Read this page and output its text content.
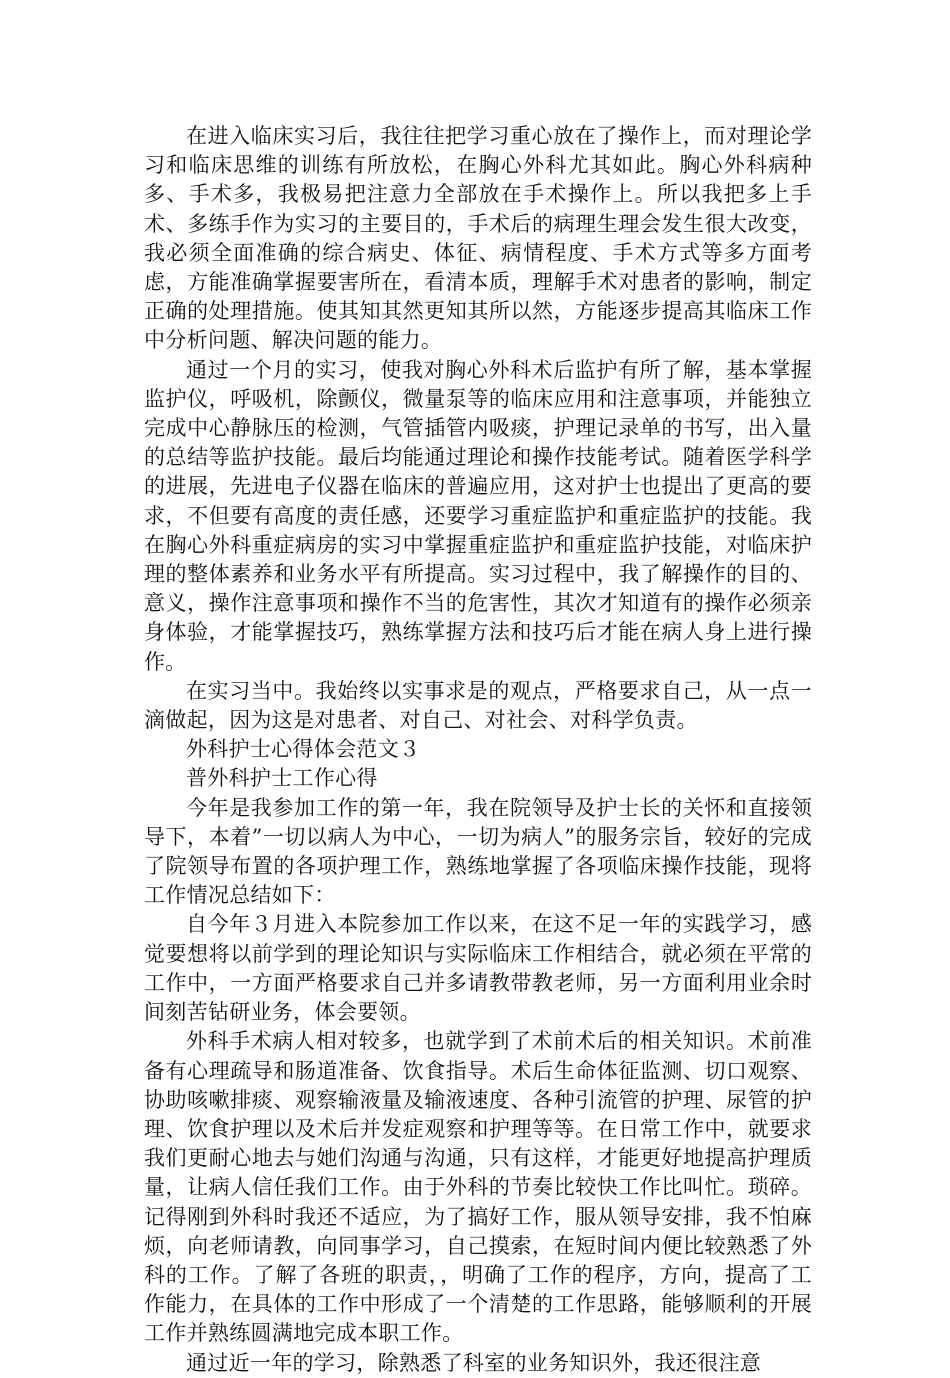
在进入临床实习后，我往往把学习重心放在了操作上，而对理论学习和临床思维的训练有所放松，在胸心外科尤其如此。胸心外科病种多、手术多，我极易把注意力全部放在手术操作上。所以我把多上手术、多练手作为实习的主要目的，手术后的病理生理会发生很大改变，我必须全面准确的综合病史、体征、病情程度、手术方式等多方面考虑，方能准确掌握要害所在，看清本质，理解手术对患者的影响，制定正确的处理措施。使其知其然更知其所以然，方能逐步提高其临床工作中分析问题、解决问题的能力。

通过一个月的实习，使我对胸心外科术后监护有所了解，基本掌握监护仪，呼吸机，除颤仪，微量泵等的临床应用和注意事项，并能独立完成中心静脉压的检测，气管插管内吸痰，护理记录单的书写，出入量的总结等监护技能。最后均能通过理论和操作技能考试。随着医学科学的进展，先进电子仪器在临床的普遍应用，这对护士也提出了更高的要求，不但要有高度的责任感，还要学习重症监护和重症监护的技能。我在胸心外科重症病房的实习中掌握重症监护和重症监护技能，对临床护理的整体素养和业务水平有所提高。实习过程中，我了解操作的目的、意义，操作注意事项和操作不当的危害性，其次才知道有的操作必须亲身体验，才能掌握技巧，熟练掌握方法和技巧后才能在病人身上进行操作。

在实习当中。我始终以实事求是的观点，严格要求自己，从一点一滴做起，因为这是对患者、对自己、对社会、对科学负责。

外科护士心得体会范文３

普外科护士工作心得

今年是我参加工作的第一年，我在院领导及护士长的关怀和直接领导下，本着”一切以病人为中心，一切为病人”的服务宗旨，较好的完成了院领导布置的各项护理工作，熟练地掌握了各项临床操作技能，现将工作情况总结如下：

自今年３月进入本院参加工作以来，在这不足一年的实践学习，感觉要想将以前学到的理论知识与实际临床工作相结合，就必须在平常的工作中，一方面严格要求自己并多请教带教老师，另一方面利用业余时间刻苦钻研业务，体会要领。

外科手术病人相对较多，也就学到了术前术后的相关知识。术前准备有心理疏导和肠道准备、饮食指导。术后生命体征监测、切口观察、协助咳嗽排痰、观察输液量及输液速度、各种引流管的护理、尿管的护理、饮食护理以及术后并发症观察和护理等等。在日常工作中，就要求我们更耐心地去与她们沟通与沟通，只有这样，才能更好地提高护理质量，让病人信任我们工作。由于外科的节奏比较快工作比叫忙。琐碎。记得刚到外科时我还不适应，为了搞好工作，服从领导安排，我不怕麻烦，向老师请教，向同事学习，自己摸索，在短时间内便比较熟悉了外科的工作。了解了各班的职责，，明确了工作的程序，方向，提高了工作能力，在具体的工作中形成了一个清楚的工作思路，能够顺利的开展工作并熟练圆满地完成本职工作。

通过近一年的学习，除熟悉了科室的业务知识外，我还很注意
